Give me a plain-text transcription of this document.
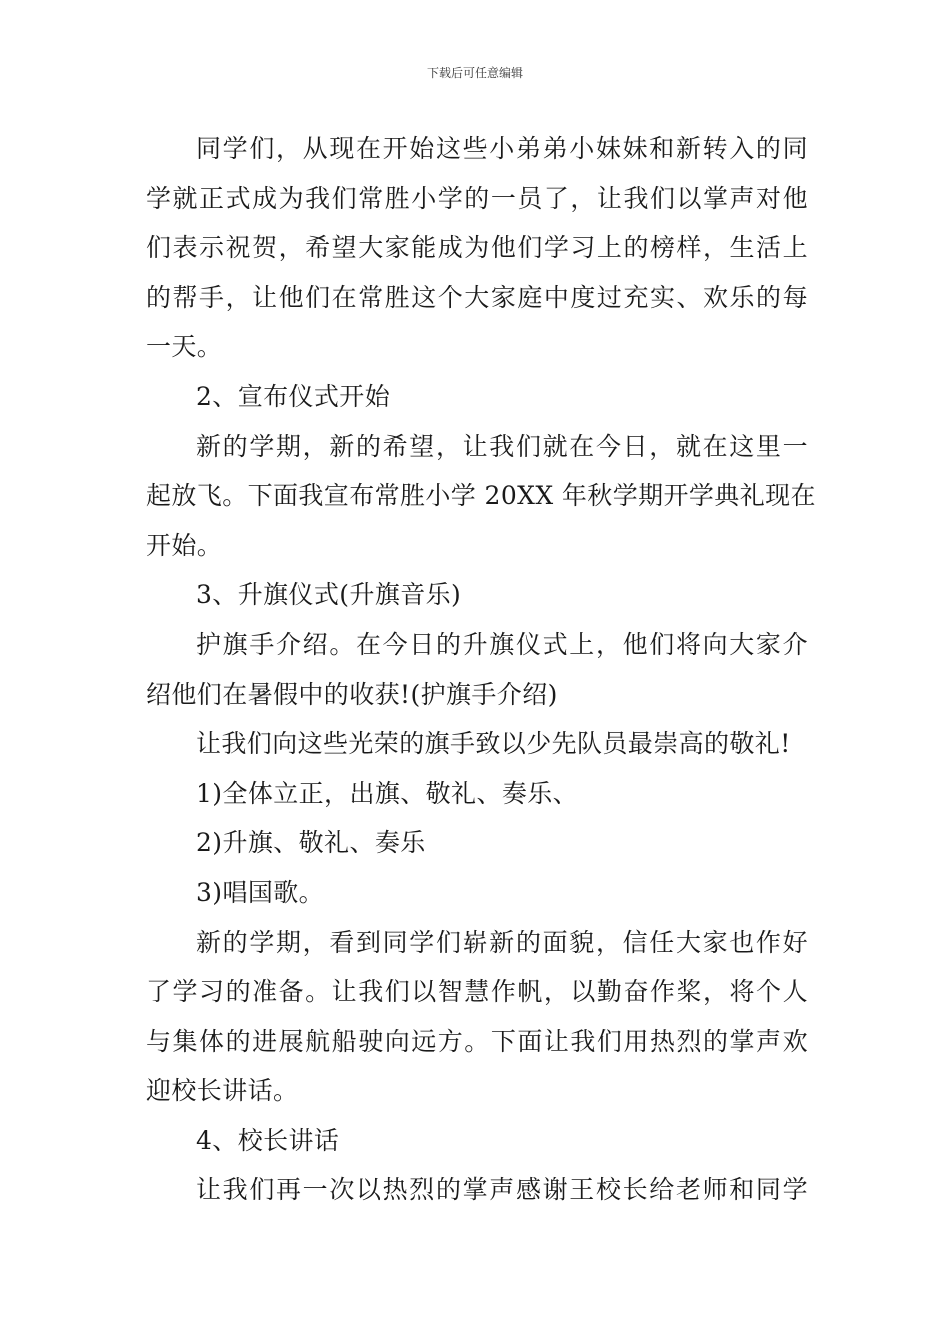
下载后可任意编辑
同学们，从现在开始这些小弟弟小妹妹和新转入的同
学就正式成为我们常胜小学的一员了，让我们以掌声对他
们表示祝贺，希望大家能成为他们学习上的榜样，生活上
的帮手，让他们在常胜这个大家庭中度过充实、欢乐的每
一天。
2、宣布仪式开始
新的学期，新的希望，让我们就在今日，就在这里一
起放飞。下面我宣布常胜小学 20XX 年秋学期开学典礼现在
开始。
3、升旗仪式(升旗音乐)
护旗手介绍。在今日的升旗仪式上，他们将向大家介
绍他们在暑假中的收获!(护旗手介绍)
让我们向这些光荣的旗手致以少先队员最崇高的敬礼!
1)全体立正，出旗、敬礼、奏乐、
2)升旗、敬礼、奏乐
3)唱国歌。
新的学期，看到同学们崭新的面貌，信任大家也作好
了学习的准备。让我们以智慧作帆，以勤奋作桨，将个人
与集体的进展航船驶向远方。下面让我们用热烈的掌声欢
迎校长讲话。
4、校长讲话
让我们再一次以热烈的掌声感谢王校长给老师和同学
